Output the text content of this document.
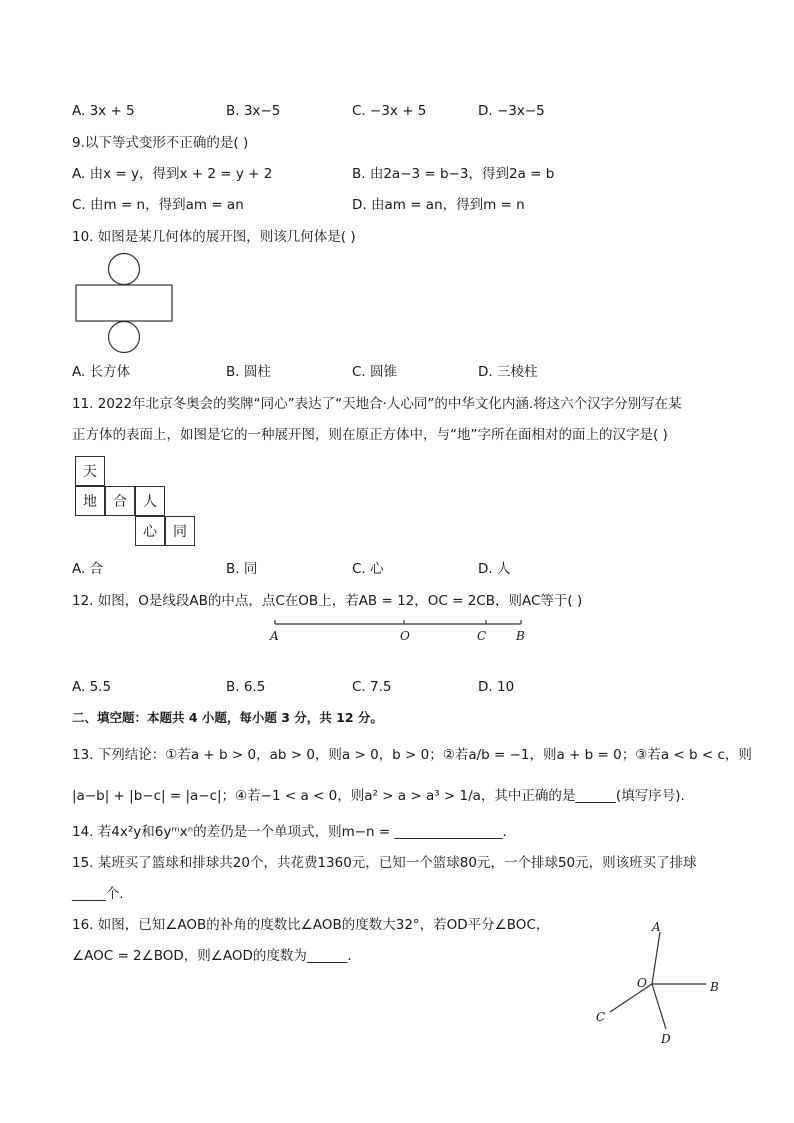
A. 3x + 5	B. 3x−5	C. −3x + 5	D. −3x−5
9.以下等式变形不正确的是( )
A. 由x = y，得到x + 2 = y + 2	B. 由2a−3 = b−3，得到2a = b
C. 由m = n，得到am = an	D. 由am = an，得到m = n
10. 如图是某几何体的展开图，则该几何体是( )
A. 长方体	B. 圆柱	C. 圆锥	D. 三棱柱
11. 2022年北京冬奥会的奖牌“同心”表达了“天地合·人心同”的中华文化内涵.将这六个汉字分别写在某
正方体的表面上，如图是它的一种展开图，则在原正方体中，与“地”字所在面相对的面上的汉字是( )
天
地	合	人
心	同
A. 合	B. 同	C. 心	D. 人
12. 如图，O是线段AB的中点，点C在OB上，若AB = 12，OC = 2CB，则AC等于( )
A	O	C B
A. 5.5	B. 6.5	C. 7.5	D. 10
二、填空题：本题共 4 小题，每小题 3 分，共 12 分。
13. 下列结论：①若a + b > 0，ab > 0，则a > 0，b > 0；②若a/b = −1，则a + b = 0；③若a < b < c，则
|a−b| + |b−c| = |a−c|；④若−1 < a < 0，则a² > a > a³ > 1/a，其中正确的是______(填写序号).
14. 若4x²y和6yᵐxⁿ的差仍是一个单项式，则m−n = ________________.
15. 某班买了篮球和排球共20个，共花费1360元，已知一个篮球80元，一个排球50元，则该班买了排球
_____个.
16. 如图，已知∠AOB的补角的度数比∠AOB的度数大32°，若OD平分∠BOC，
∠AOC = 2∠BOD，则∠AOD的度数为______.
A
O	B
C
D
